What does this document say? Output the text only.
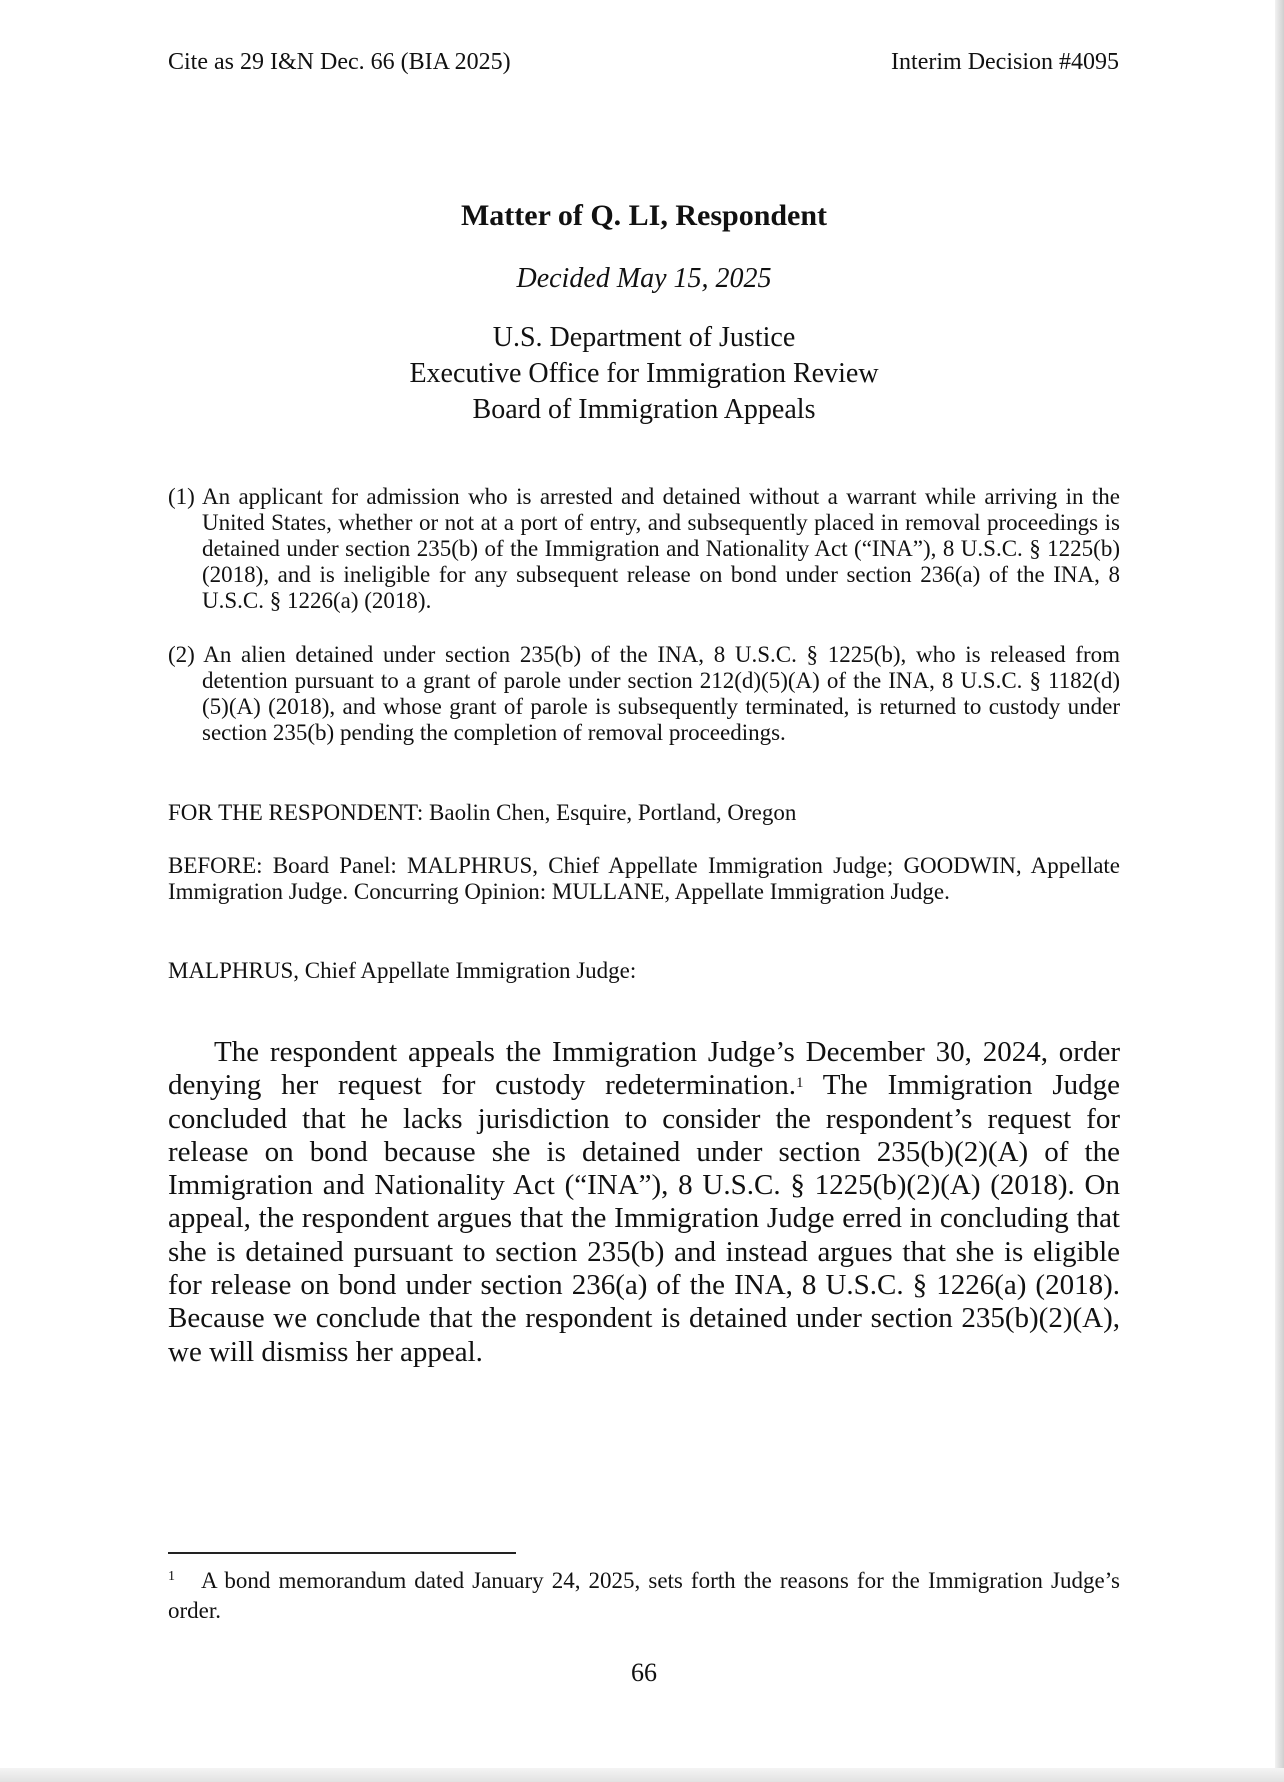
Cite as 29 I&N Dec. 66 (BIA 2025)	Interim Decision #4095
Matter of Q. LI, Respondent
Decided May 15, 2025
U.S. Department of Justice
Executive Office for Immigration Review
Board of Immigration Appeals
(1) An applicant for admission who is arrested and detained without a warrant while arriving in the United States, whether or not at a port of entry, and subsequently placed in removal proceedings is detained under section 235(b) of the Immigration and Nationality Act (“INA”), 8 U.S.C. § 1225(b) (2018), and is ineligible for any subsequent release on bond under section 236(a) of the INA, 8 U.S.C. § 1226(a) (2018).
(2) An alien detained under section 235(b) of the INA, 8 U.S.C. § 1225(b), who is released from detention pursuant to a grant of parole under section 212(d)(5)(A) of the INA, 8 U.S.C. § 1182(d)(5)(A) (2018), and whose grant of parole is subsequently terminated, is returned to custody under section 235(b) pending the completion of removal proceedings.
FOR THE RESPONDENT: Baolin Chen, Esquire, Portland, Oregon
BEFORE: Board Panel: MALPHRUS, Chief Appellate Immigration Judge; GOODWIN, Appellate Immigration Judge. Concurring Opinion: MULLANE, Appellate Immigration Judge.
MALPHRUS, Chief Appellate Immigration Judge:
The respondent appeals the Immigration Judge’s December 30, 2024, order denying her request for custody redetermination.$^1$ The Immigration Judge concluded that he lacks jurisdiction to consider the respondent’s request for release on bond because she is detained under section 235(b)(2)(A) of the Immigration and Nationality Act (“INA”), 8 U.S.C. § 1225(b)(2)(A) (2018). On appeal, the respondent argues that the Immigration Judge erred in concluding that she is detained pursuant to section 235(b) and instead argues that she is eligible for release on bond under section 236(a) of the INA, 8 U.S.C. § 1226(a) (2018). Because we conclude that the respondent is detained under section 235(b)(2)(A), we will dismiss her appeal.
$^1$ A bond memorandum dated January 24, 2025, sets forth the reasons for the Immigration Judge’s order.
66
